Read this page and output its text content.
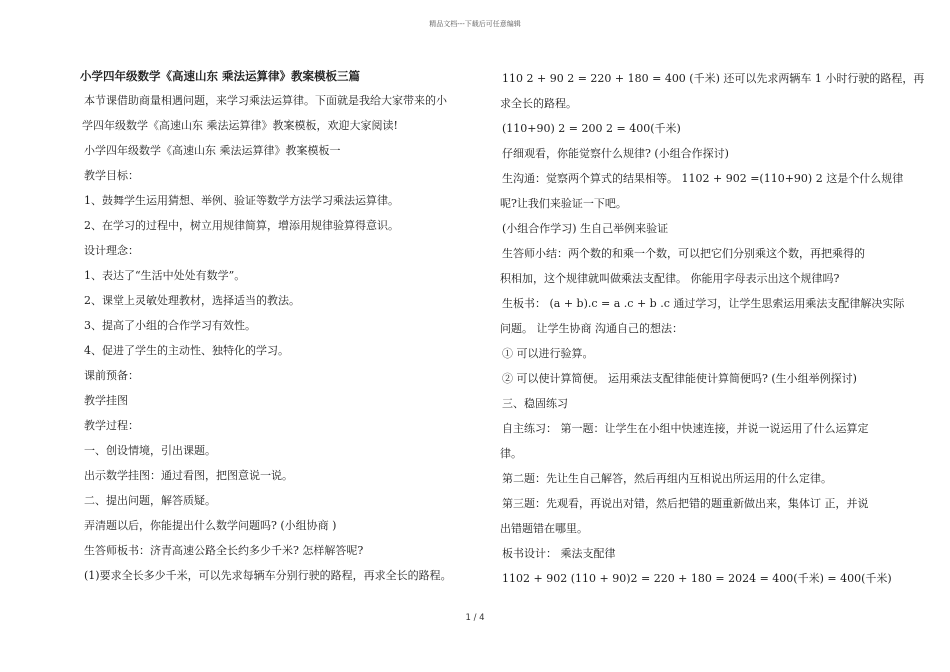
精品文档---下载后可任意编辑
小学四年级数学《高速山东 乘法运算律》教案模板三篇

本节课借助商量相遇问题，来学习乘法运算律。下面就是我给大家带来的小

学四年级数学《高速山东 乘法运算律》教案模板，欢迎大家阅读!

小学四年级数学《高速山东 乘法运算律》教案模板一

教学目标：

1、鼓舞学生运用猜想、举例、验证等数学方法学习乘法运算律。

2、在学习的过程中，树立用规律简算，增添用规律验算得意识。

设计理念：

1、表达了“生活中处处有数学”。

2、课堂上灵敏处理教材，选择适当的教法。

3、提高了小组的合作学习有效性。

4、促进了学生的主动性、独特化的学习。

课前预备：

教学挂图

教学过程：

一、创设情境，引出课题。

出示数学挂图：通过看图，把图意说一说。

二、提出问题，解答质疑。

弄清题以后，你能提出什么数学问题吗? (小组协商 )

生答师板书：济青高速公路全长约多少千米? 怎样解答呢?

(1)要求全长多少千米，可以先求每辆车分别行驶的路程，再求全长的路程。

110 2 + 90 2 = 220 + 180 = 400 (千米) 还可以先求两辆车 1 小时行驶的路程，再

求全长的路程。

(110+90) 2 = 200 2 = 400(千米)

仔细观看，你能觉察什么规律? (小组合作探讨)

生沟通：觉察两个算式的结果相等。 1102 + 902 =(110+90) 2 这是个什么规律

呢?让我们来验证一下吧。

(小组合作学习) 生自己举例来验证

生答师小结：两个数的和乘一个数，可以把它们分别乘这个数，再把乘得的

积相加，这个规律就叫做乘法支配律。 你能用字母表示出这个规律吗?

生板书： (a + b).c = a .c + b .c 通过学习，让学生思索运用乘法支配律解决实际

问题。 让学生协商 沟通自己的想法：

① 可以进行验算。

② 可以使计算简便。 运用乘法支配律能使计算简便吗? (生小组举例探讨)

三、稳固练习

自主练习： 第一题：让学生在小组中快速连接，并说一说运用了什么运算定

律。

第二题：先让生自己解答，然后再组内互相说出所运用的什么定律。

第三题：先观看，再说出对错，然后把错的题重新做出来，集体订 正，并说

出错题错在哪里。

板书设计： 乘法支配律

1102 + 902 (110 + 90)2 = 220 + 180 = 2024 = 400(千米) = 400(千米)

1 / 4
